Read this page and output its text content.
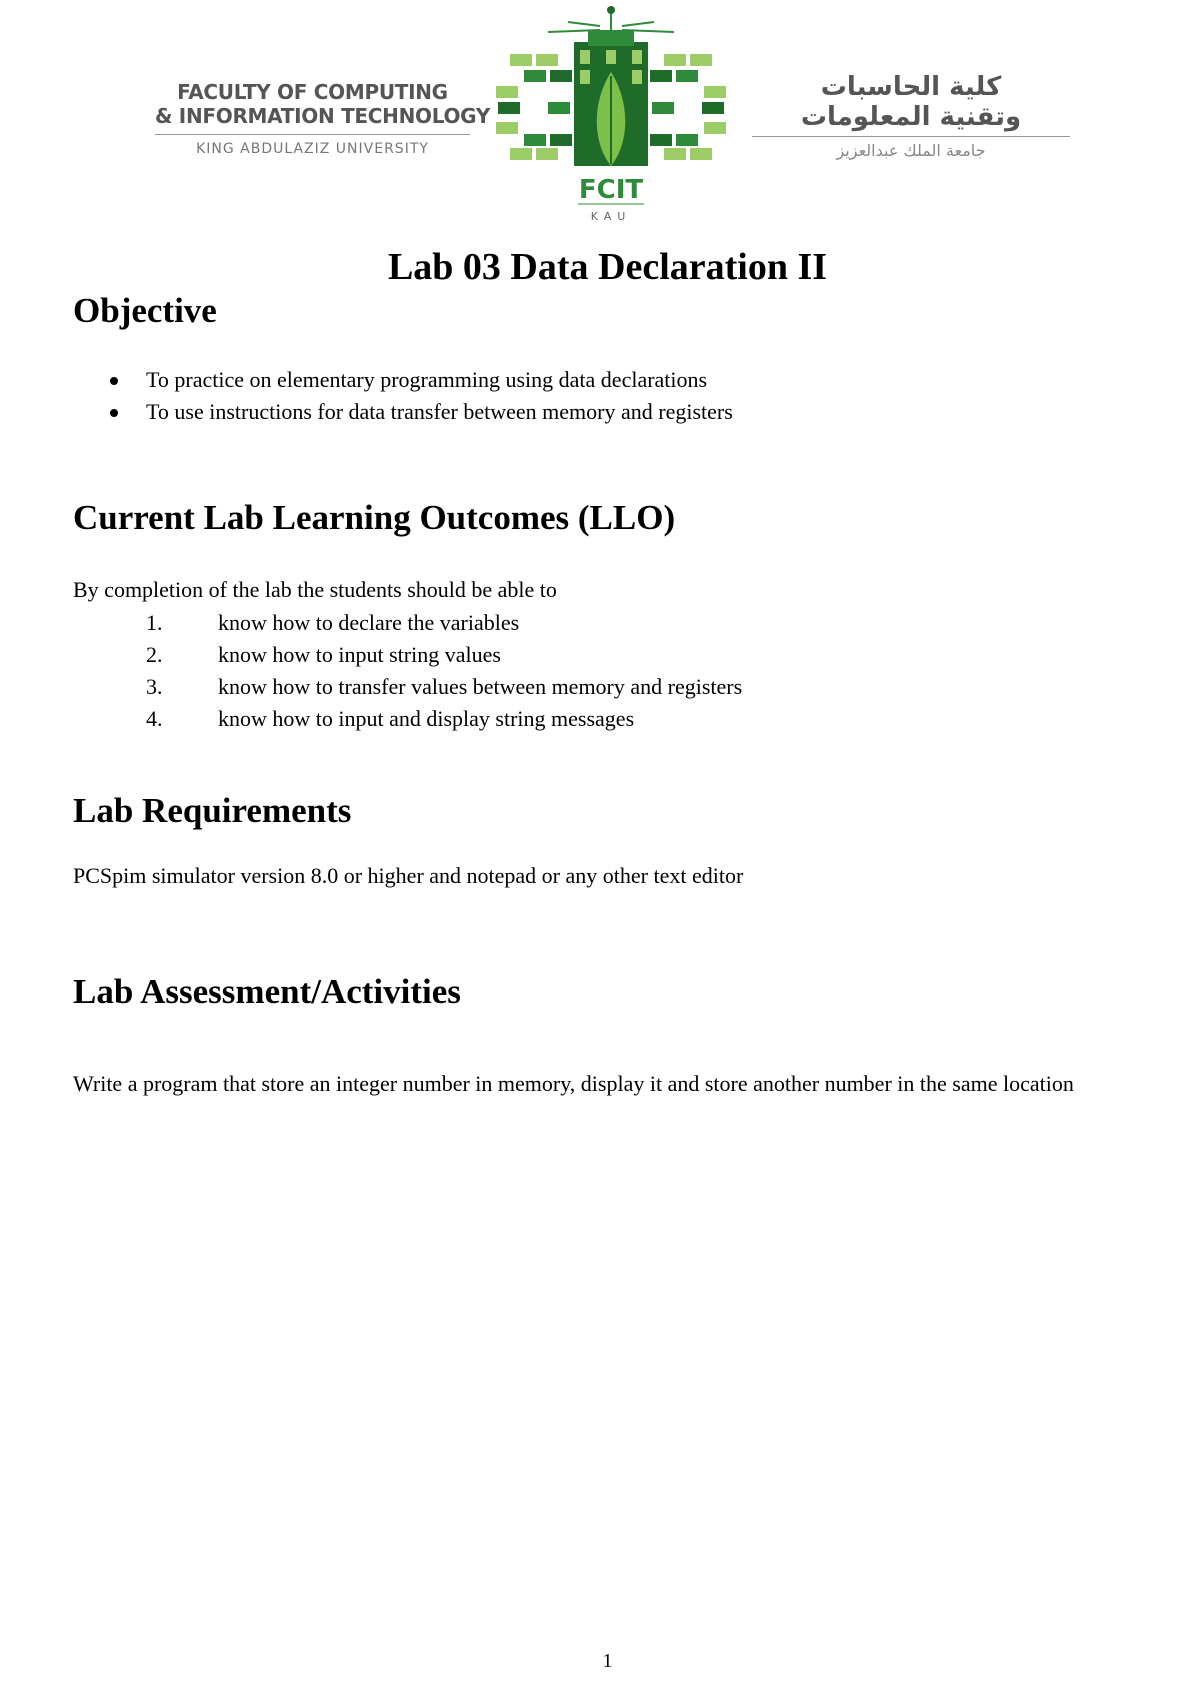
FACULTY OF COMPUTING
& INFORMATION TECHNOLOGY
KING ABDULAZIZ UNIVERSITY
FCIT
KAU
كلية الحاسبات
وتقنية المعلومات
جامعة الملك عبدالعزيز
Lab 03 Data Declaration II
Objective
To practice on elementary programming using data declarations
To use instructions for data transfer between memory and registers
Current Lab Learning Outcomes (LLO)

By completion of the lab the students should be able to

1.	know how to declare the variables
2.	know how to input string values
3.	know how to transfer values between memory and registers
4.	know how to input and display string messages
Lab Requirements

PCSpim simulator version 8.0 or higher and notepad or any other text editor

Lab Assessment/Activities

Write a program that store an integer number in memory, display it and store another number in the same location

1
